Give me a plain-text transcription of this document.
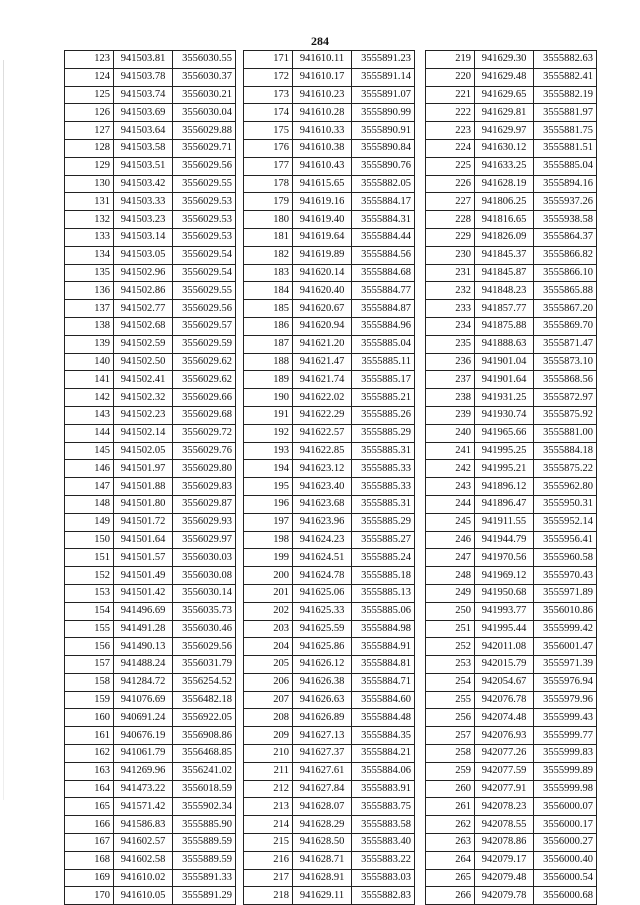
284
123	941503.81	3556030.55
124	941503.78	3556030.37
125	941503.74	3556030.21
126	941503.69	3556030.04
127	941503.64	3556029.88
128	941503.58	3556029.71
129	941503.51	3556029.56
130	941503.42	3556029.55
131	941503.33	3556029.53
132	941503.23	3556029.53
133	941503.14	3556029.53
134	941503.05	3556029.54
135	941502.96	3556029.54
136	941502.86	3556029.55
137	941502.77	3556029.56
138	941502.68	3556029.57
139	941502.59	3556029.59
140	941502.50	3556029.62
141	941502.41	3556029.62
142	941502.32	3556029.66
143	941502.23	3556029.68
144	941502.14	3556029.72
145	941502.05	3556029.76
146	941501.97	3556029.80
147	941501.88	3556029.83
148	941501.80	3556029.87
149	941501.72	3556029.93
150	941501.64	3556029.97
151	941501.57	3556030.03
152	941501.49	3556030.08
153	941501.42	3556030.14
154	941496.69	3556035.73
155	941491.28	3556030.46
156	941490.13	3556029.56
157	941488.24	3556031.79
158	941284.72	3556254.52
159	941076.69	3556482.18
160	940691.24	3556922.05
161	940676.19	3556908.86
162	941061.79	3556468.85
163	941269.96	3556241.02
164	941473.22	3556018.59
165	941571.42	3555902.34
166	941586.83	3555885.90
167	941602.57	3555889.59
168	941602.58	3555889.59
169	941610.02	3555891.33
170	941610.05	3555891.29
171	941610.11	3555891.23
172	941610.17	3555891.14
173	941610.23	3555891.07
174	941610.28	3555890.99
175	941610.33	3555890.91
176	941610.38	3555890.84
177	941610.43	3555890.76
178	941615.65	3555882.05
179	941619.16	3555884.17
180	941619.40	3555884.31
181	941619.64	3555884.44
182	941619.89	3555884.56
183	941620.14	3555884.68
184	941620.40	3555884.77
185	941620.67	3555884.87
186	941620.94	3555884.96
187	941621.20	3555885.04
188	941621.47	3555885.11
189	941621.74	3555885.17
190	941622.02	3555885.21
191	941622.29	3555885.26
192	941622.57	3555885.29
193	941622.85	3555885.31
194	941623.12	3555885.33
195	941623.40	3555885.33
196	941623.68	3555885.31
197	941623.96	3555885.29
198	941624.23	3555885.27
199	941624.51	3555885.24
200	941624.78	3555885.18
201	941625.06	3555885.13
202	941625.33	3555885.06
203	941625.59	3555884.98
204	941625.86	3555884.91
205	941626.12	3555884.81
206	941626.38	3555884.71
207	941626.63	3555884.60
208	941626.89	3555884.48
209	941627.13	3555884.35
210	941627.37	3555884.21
211	941627.61	3555884.06
212	941627.84	3555883.91
213	941628.07	3555883.75
214	941628.29	3555883.58
215	941628.50	3555883.40
216	941628.71	3555883.22
217	941628.91	3555883.03
218	941629.11	3555882.83
219	941629.30	3555882.63
220	941629.48	3555882.41
221	941629.65	3555882.19
222	941629.81	3555881.97
223	941629.97	3555881.75
224	941630.12	3555881.51
225	941633.25	3555885.04
226	941628.19	3555894.16
227	941806.25	3555937.26
228	941816.65	3555938.58
229	941826.09	3555864.37
230	941845.37	3555866.82
231	941845.87	3555866.10
232	941848.23	3555865.88
233	941857.77	3555867.20
234	941875.88	3555869.70
235	941888.63	3555871.47
236	941901.04	3555873.10
237	941901.64	3555868.56
238	941931.25	3555872.97
239	941930.74	3555875.92
240	941965.66	3555881.00
241	941995.25	3555884.18
242	941995.21	3555875.22
243	941896.12	3555962.80
244	941896.47	3555950.31
245	941911.55	3555952.14
246	941944.79	3555956.41
247	941970.56	3555960.58
248	941969.12	3555970.43
249	941950.68	3555971.89
250	941993.77	3556010.86
251	941995.44	3555999.42
252	942011.08	3556001.47
253	942015.79	3555971.39
254	942054.67	3555976.94
255	942076.78	3555979.96
256	942074.48	3555999.43
257	942076.93	3555999.77
258	942077.26	3555999.83
259	942077.59	3555999.89
260	942077.91	3555999.98
261	942078.23	3556000.07
262	942078.55	3556000.17
263	942078.86	3556000.27
264	942079.17	3556000.40
265	942079.48	3556000.54
266	942079.78	3556000.68
